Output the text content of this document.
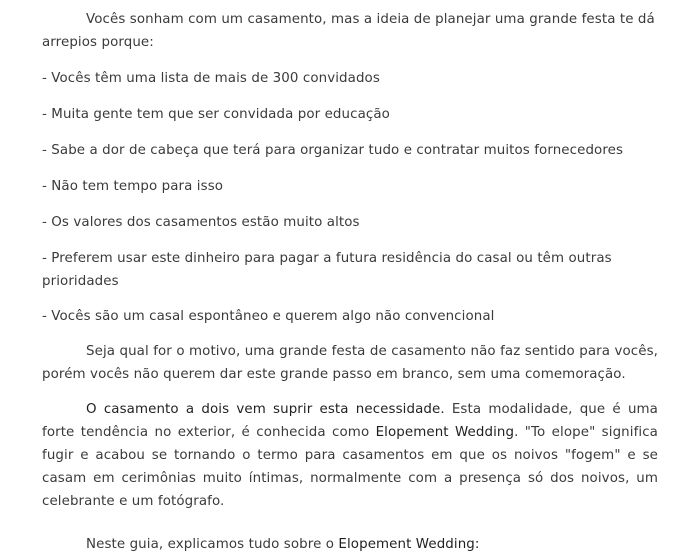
Vocês sonham com um casamento, mas a ideia de planejar uma grande festa te dá arrepios porque:

- Vocês têm uma lista de mais de 300 convidados

- Muita gente tem que ser convidada por educação

- Sabe a dor de cabeça que terá para organizar tudo e contratar muitos fornecedores

- Não tem tempo para isso

- Os valores dos casamentos estão muito altos

- Preferem usar este dinheiro para pagar a futura residência do casal ou têm outras prioridades

- Vocês são um casal espontâneo e querem algo não convencional

Seja qual for o motivo, uma grande festa de casamento não faz sentido para vocês, porém vocês não querem dar este grande passo em branco, sem uma comemoração.

O casamento a dois vem suprir esta necessidade. Esta modalidade, que é uma forte tendência no exterior, é conhecida como Elopement Wedding. "To elope" significa fugir e acabou se tornando o termo para casamentos em que os noivos "fogem" e se casam em cerimônias muito íntimas, normalmente com a presença só dos noivos, um celebrante e um fotógrafo.

Neste guia, explicamos tudo sobre o Elopement Wedding:
